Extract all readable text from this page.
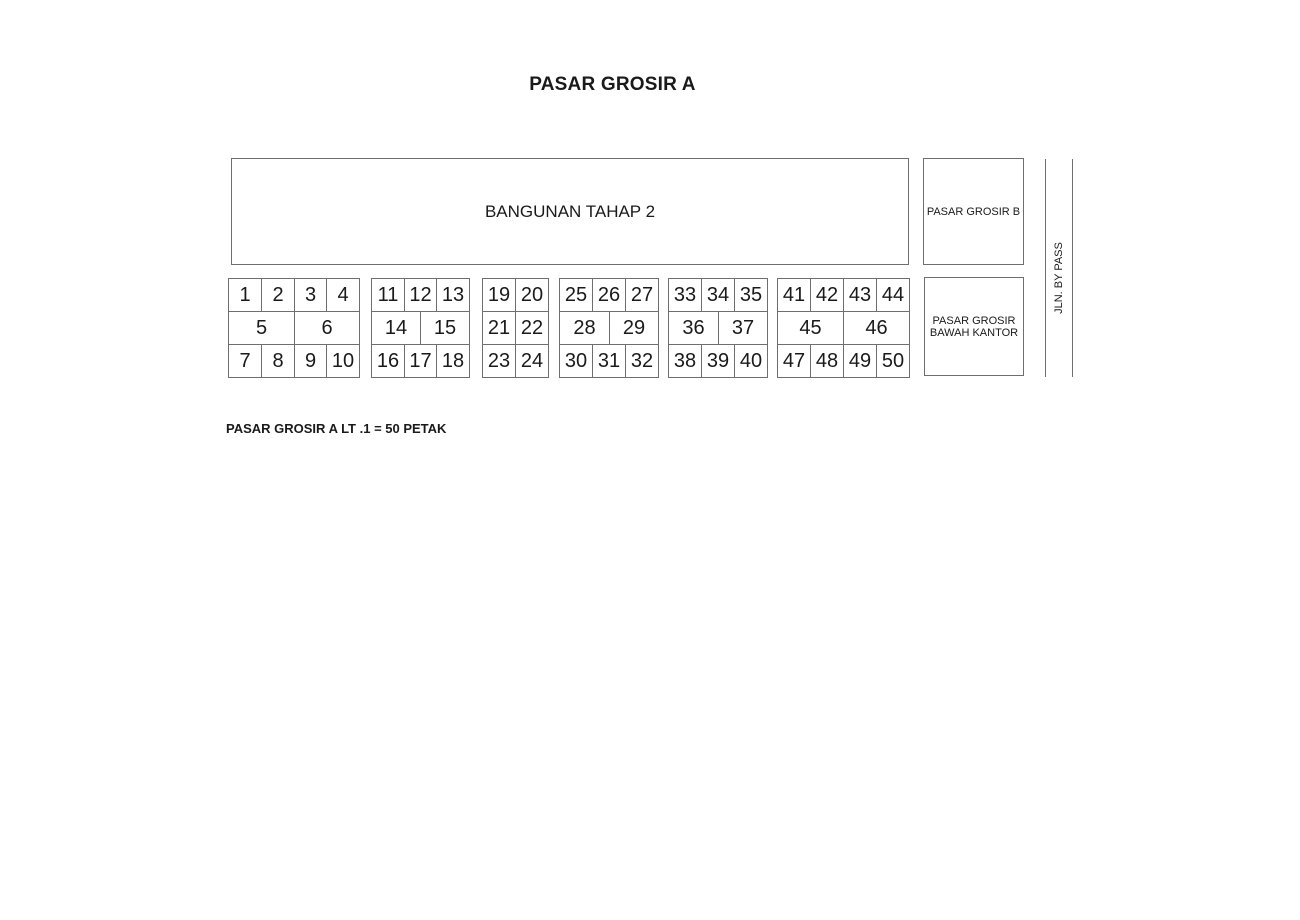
PASAR GROSIR A
BANGUNAN TAHAP 2	PASAR GROSIR B
PASAR GROSIR
BAWAH KANTOR
JLN. BY PASS
1	2	3	4
5	6
7	8	9 10
11 12 13
14	15
16 17 18
19 20
21 22
23 24
25 26 27
28	29
30 31 32
33 34 35
36	37
38 39 40
41 42 43 44
45	46
47 48 49 50
PASAR GROSIR A LT .1 = 50 PETAK
